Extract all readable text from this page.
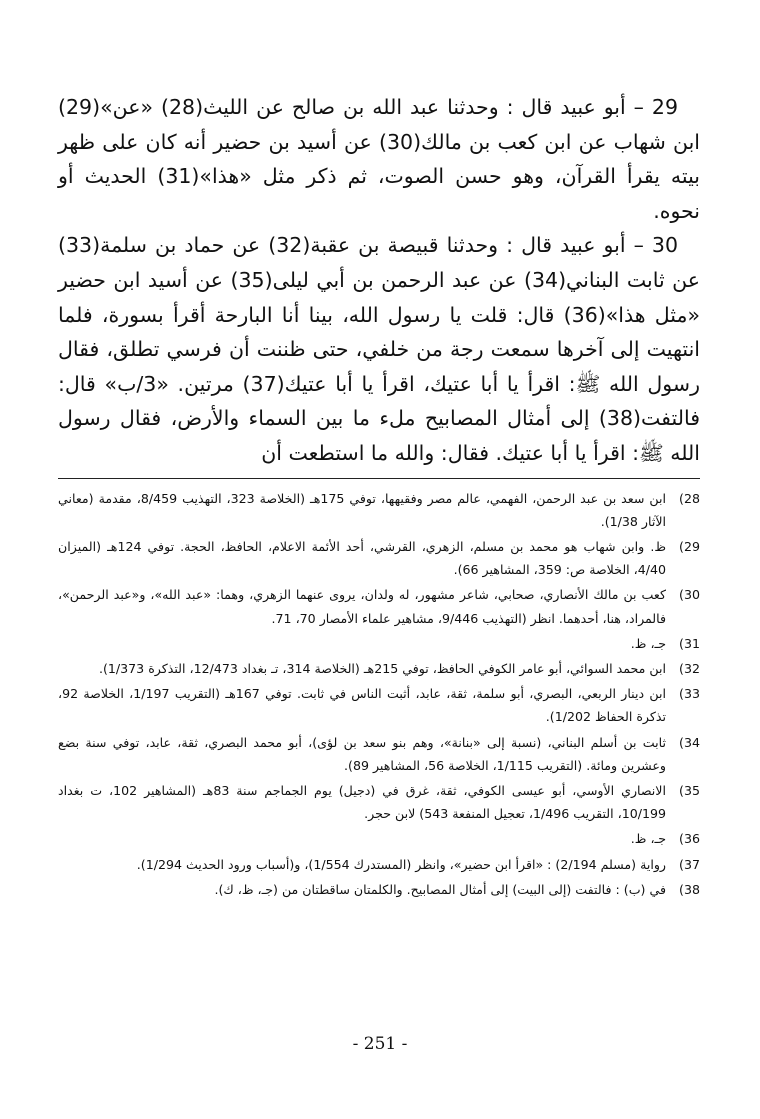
29 – أبو عبيد قال : وحدثنا عبد الله بن صالح عن الليث(28) «عن»(29) ابن شهاب عن ابن كعب بن مالك(30) عن أسيد بن حضير أنه كان على ظهر بيته يقرأ القرآن، وهو حسن الصوت، ثم ذكر مثل «هذا»(31) الحديث أو نحوه.

30 – أبو عبيد قال : وحدثنا قبيصة بن عقبة(32) عن حماد بن سلمة(33) عن ثابت البناني(34) عن عبد الرحمن بن أبي ليلى(35) عن أسيد ابن حضير «مثل هذا»(36) قال: قلت يا رسول الله، بينا أنا البارحة أقرأ بسورة، فلما انتهيت إلى آخرها سمعت رجة من خلفي، حتى ظننت أن فرسي تطلق، فقال رسول الله ﷺ: اقرأ يا أبا عتيك، اقرأ يا أبا عتيك(37) مرتين. «3/ب» قال: فالتفت(38) إلى أمثال المصابيح ملء ما بين السماء والأرض، فقال رسول الله ﷺ: اقرأ يا أبا عتيك. فقال: والله ما استطعت أن

28)
ابن سعد بن عبد الرحمن، الفهمي، عالم مصر وفقيهها، توفي 175هـ (الخلاصة 323، التهذيب 8/459، مقدمة (معاني الآثار 1/38).
29)
ظ. وابن شهاب هو محمد بن مسلم، الزهري، القرشي، أحد الأئمة الاعلام، الحافظ، الحجة. توفي 124هـ (الميزان 4/40، الخلاصة ص: 359، المشاهير 66).
30)
كعب بن مالك الأنصاري، صحابي، شاعر مشهور، له ولدان، يروى عنهما الزهري، وهما: «عبد الله»، و«عبد الرحمن»، فالمراد، هنا، أحدهما. انظر (التهذيب 9/446، مشاهير علماء الأمصار 70، 71.
31)
جـ، ظ.
32)
ابن محمد السوائي، أبو عامر الكوفي الحافظ، توفي 215هـ (الخلاصة 314، تـ بغداد 12/473، التذكرة 1/373).
33)
ابن دينار الربعي، البصري، أبو سلمة، ثقة، عابد، أثبت الناس في ثابت. توفي 167هـ (التقريب 1/197، الخلاصة 92، تذكرة الحفاظ 1/202).
34)
ثابت بن أسلم البناني، (نسبة إلى «بنانة»، وهم بنو سعد بن لؤى)، أبو محمد البصري، ثقة، عابد، توفي سنة بضع وعشرين ومائة. (التقريب 1/115، الخلاصة 56، المشاهير 89).
35)
الانصاري الأوسي، أبو عيسى الكوفي، ثقة، غرق في (دجيل) يوم الجماجم سنة 83هـ (المشاهير 102، ت بغداد 10/199، التقريب 1/496، تعجيل المنفعة 543) لابن حجر.
36)
جـ، ظ.
37)
رواية (مسلم 2/194) : «اقرأ ابن حضير»، وانظر (المستدرك 1/554)، و(أسباب ورود الحديث 1/294).
38)
في (ب) : فالتفت (إلى البيت) إلى أمثال المصابيح. والكلمتان ساقطتان من (جـ، ظ، ك).
- 251 -
